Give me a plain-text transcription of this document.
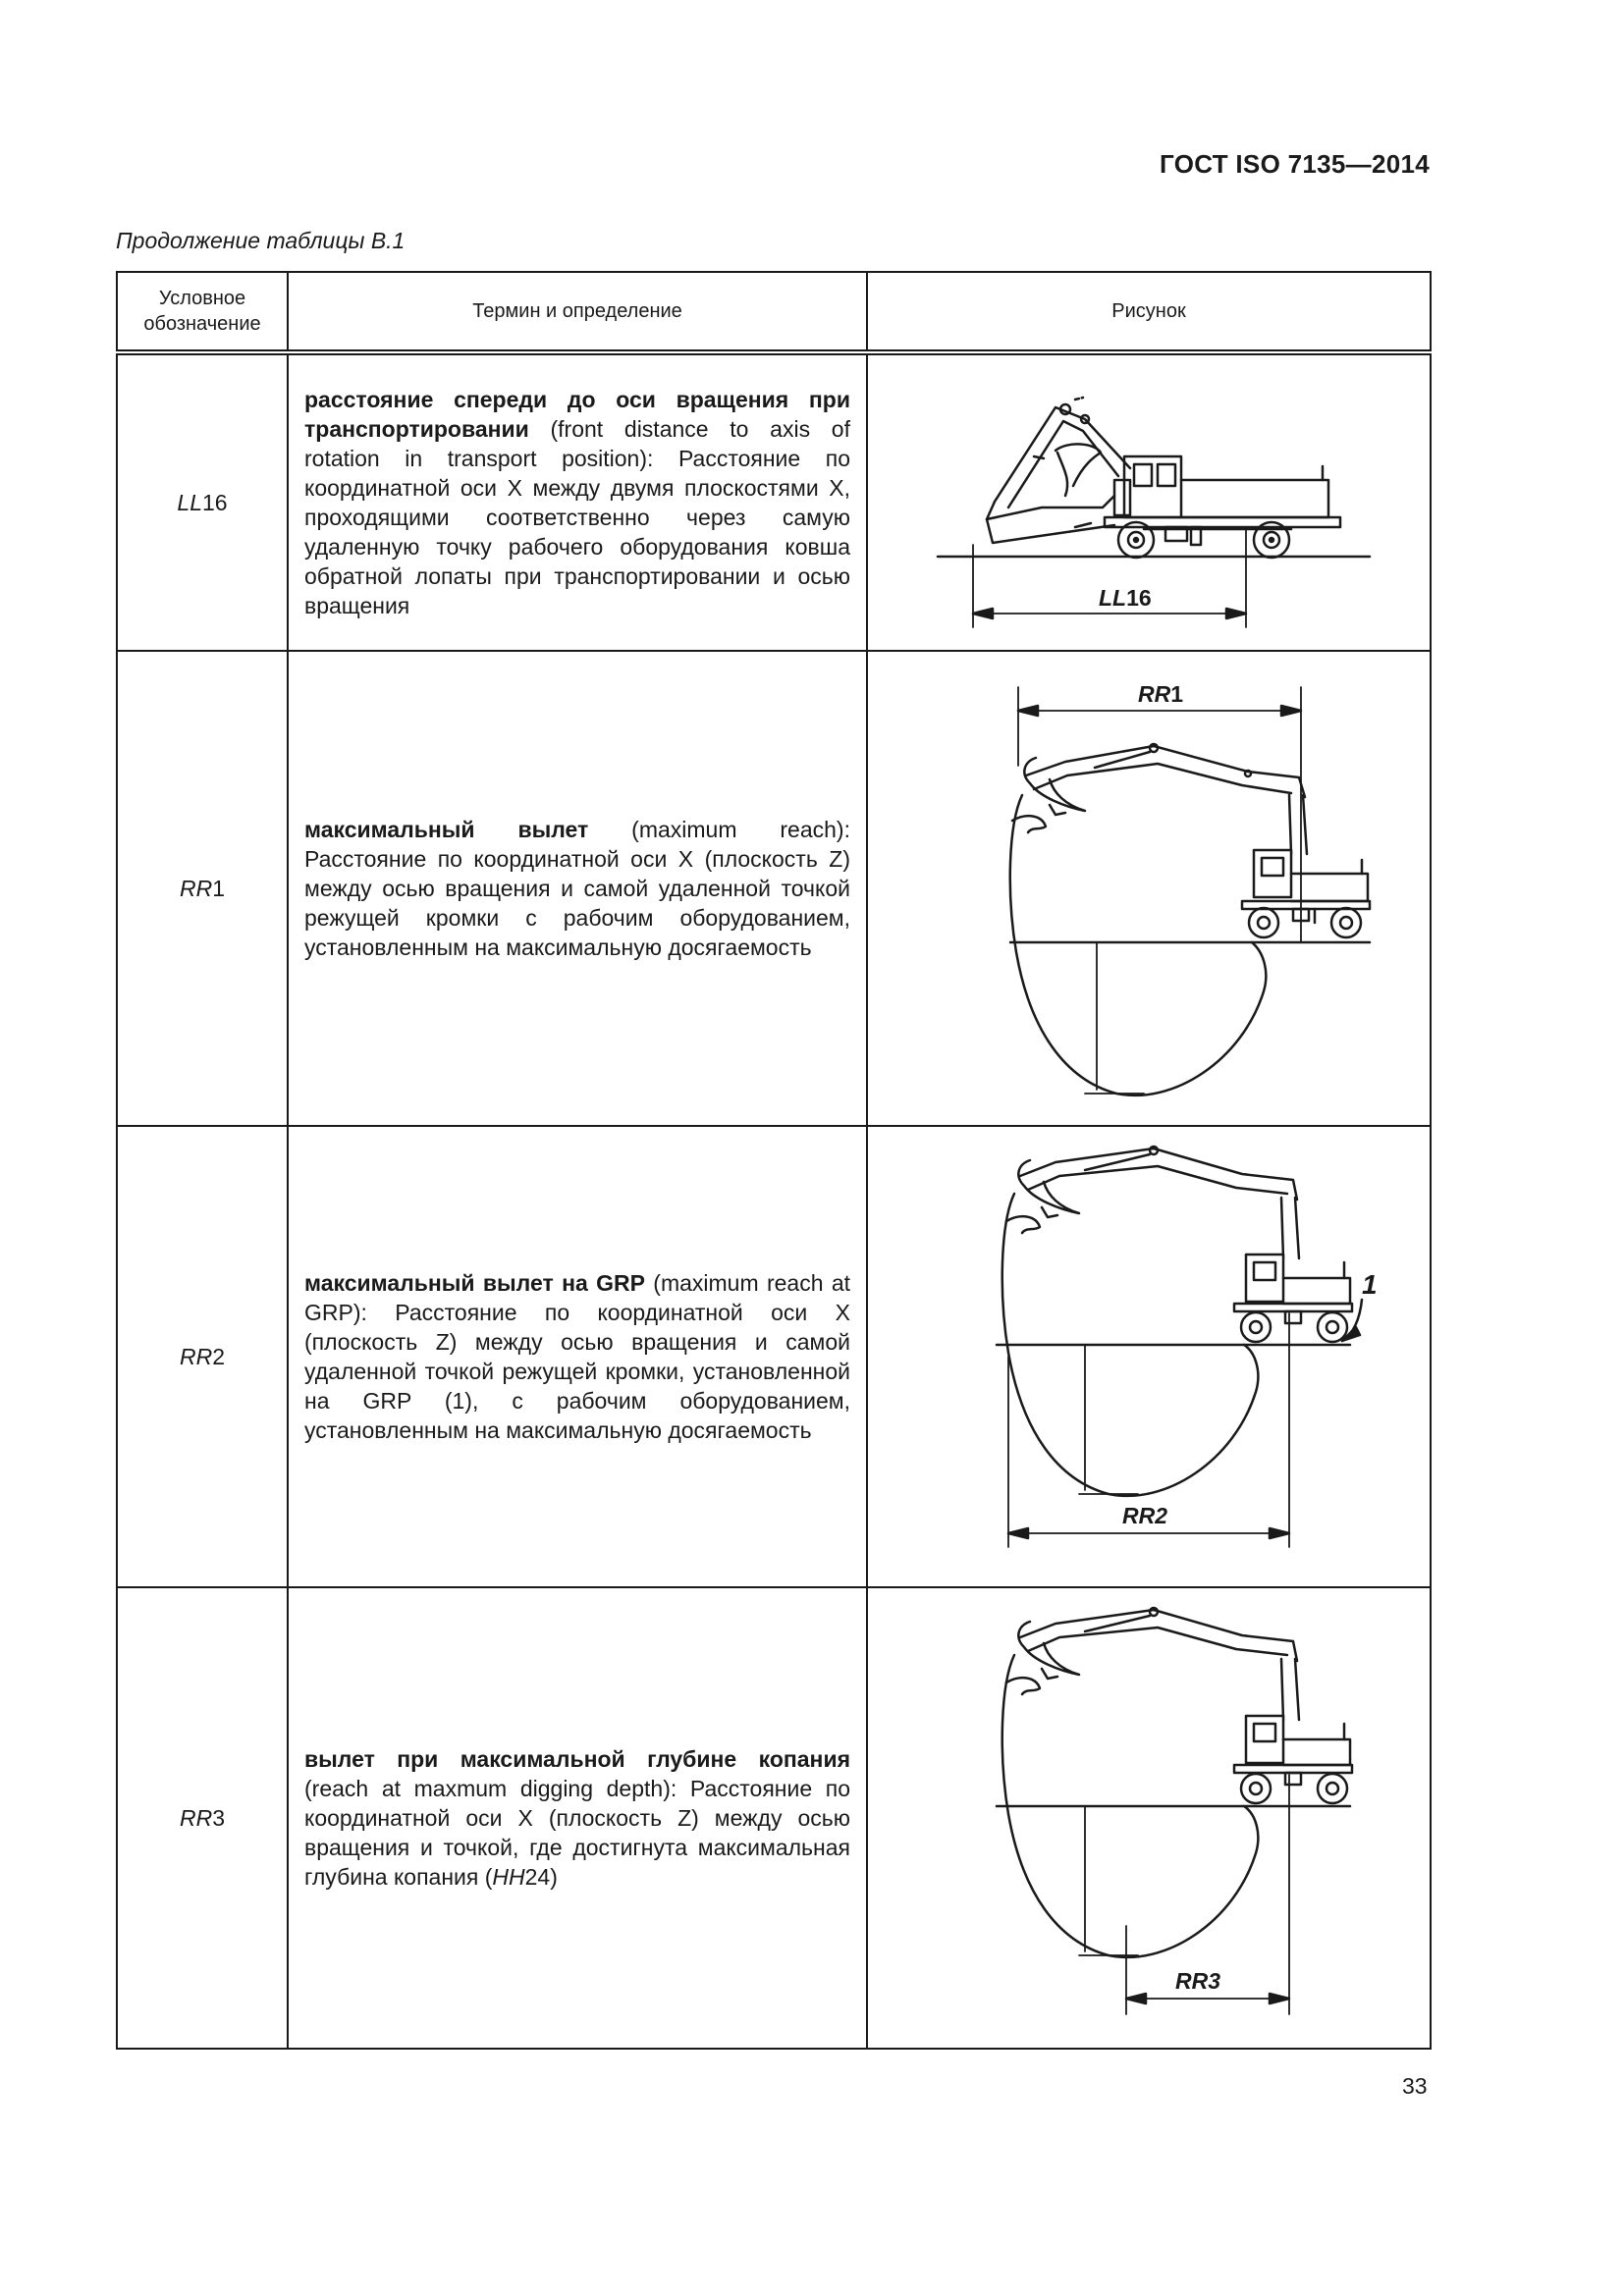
ГОСТ ISO 7135—2014
Продолжение таблицы В.1
Условное обозначение	Термин и определение	Рисунок
LL16	расстояние спереди до оси вращения при транспортировании (front distance to axis of rotation in transport position): Расстояние по координатной оси X между двумя плоскостями X, проходящими соответственно через самую удаленную точку рабочего оборудования ковша обратной лопаты при транспортировании и осью вращения	LL16

RR1	максимальный вылет (maximum reach): Расстояние по координатной оси X (плоскость Z) между осью вращения и самой удаленной точкой режущей кромки с рабочим оборудованием, установленным на максимальную досягаемость	RR1

RR2	максимальный вылет на GRP (maximum reach at GRP): Расстояние по координатной оси X (плоскость Z) между осью вращения и самой удаленной точкой режущей кромки, установленной на GRP (1), с рабочим оборудованием, установленным на максимальную досягаемость	1
RR2

RR3	вылет при максимальной глубине копания (reach at maxmum digging depth): Расстояние по координатной оси X (плоскость Z) между осью вращения и точкой, где достигнута максимальная глубина копания (HH24)	RR3
33
